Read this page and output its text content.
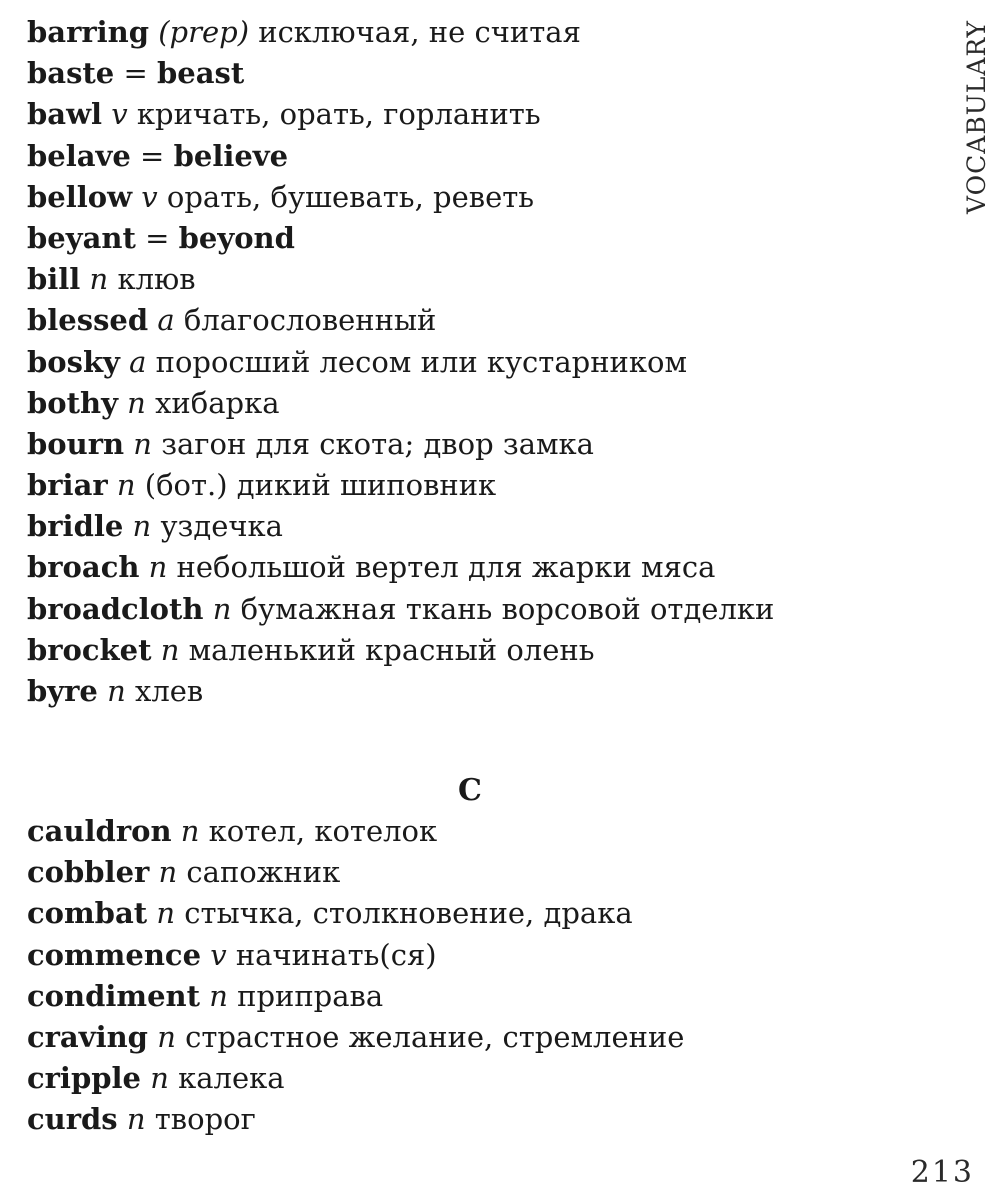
barring (prep) исключая, не считая
baste = beast
bawl v кричать, орать, горланить
belave = believe
bellow v орать, бушевать, реветь
beyant = beyond
bill n клюв
blessed a благословенный
bosky a поросший лесом или кустарником
bothy n хибарка
bourn n загон для скота; двор замка
briar n (бот.) дикий шиповник
bridle n уздечка
broach n небольшой вертел для жарки мяса
broadcloth n бумажная ткань ворсовой отделки
brocket n маленький красный олень
byre n хлев
C
cauldron n котел, котелок
cobbler n сапожник
combat n стычка, столкновение, драка
commence v начинать(ся)
condiment n приправа
craving n страстное желание, стремление
cripple n калека
curds n творог
VOCABULARY
213
